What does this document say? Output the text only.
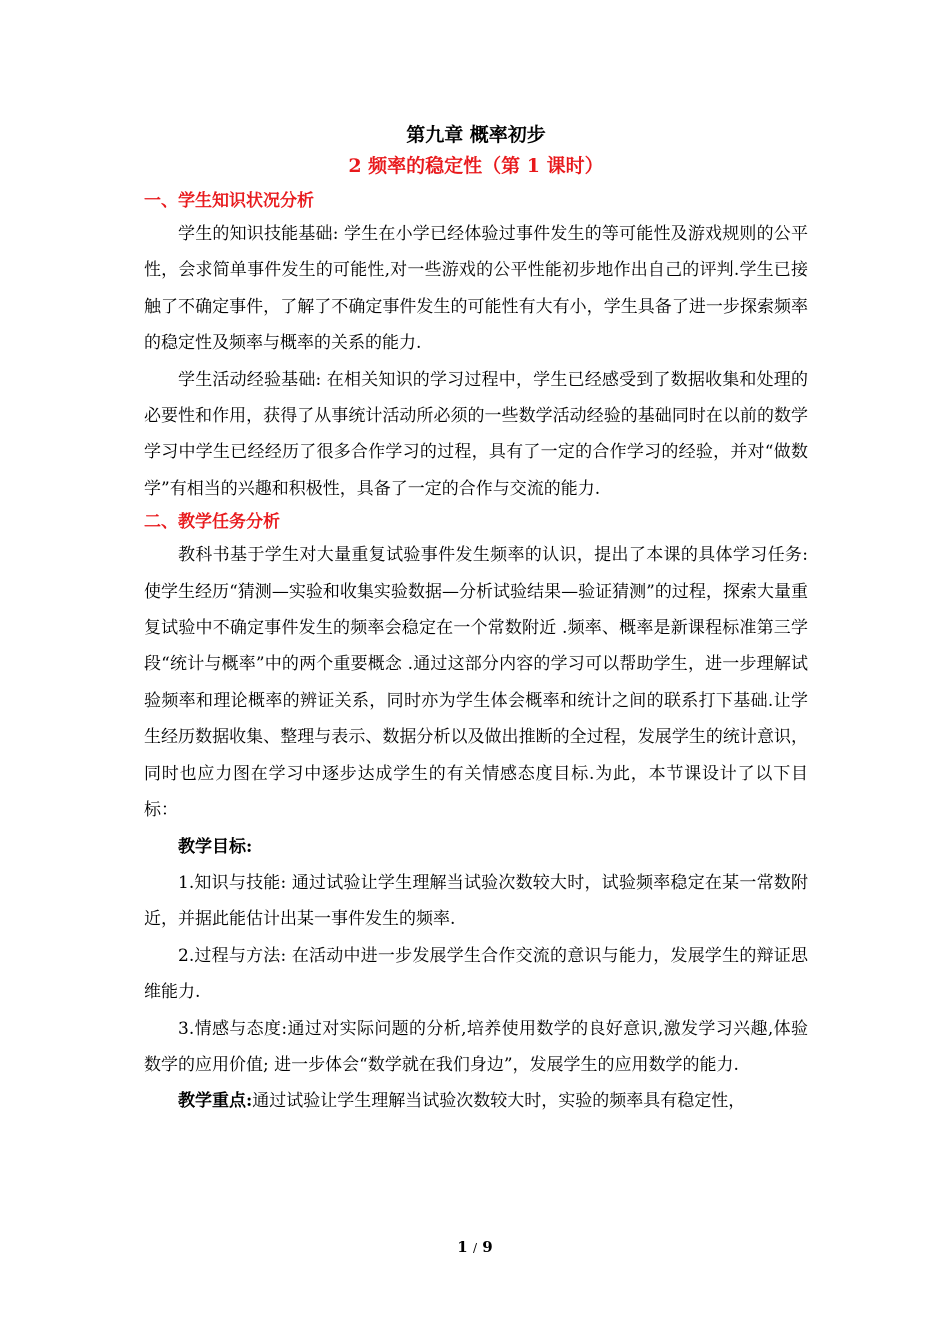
第九章 概率初步
2 频率的稳定性（第 1 课时）
一、学生知识状况分析

学生的知识技能基础: 学生在小学已经体验过事件发生的等可能性及游戏规则的公平性，会求简单事件发生的可能性,对一些游戏的公平性能初步地作出自己的评判.学生已接触了不确定事件，了解了不确定事件发生的可能性有大有小，学生具备了进一步探索频率的稳定性及频率与概率的关系的能力.

学生活动经验基础: 在相关知识的学习过程中，学生已经感受到了数据收集和处理的必要性和作用，获得了从事统计活动所必须的一些数学活动经验的基础同时在以前的数学学习中学生已经经历了很多合作学习的过程，具有了一定的合作学习的经验，并对“做数学”有相当的兴趣和积极性，具备了一定的合作与交流的能力.

二、教学任务分析

教科书基于学生对大量重复试验事件发生频率的认识，提出了本课的具体学习任务: 使学生经历“猜测—实验和收集实验数据—分析试验结果—验证猜测”的过程，探索大量重复试验中不确定事件发生的频率会稳定在一个常数附近 .频率、概率是新课程标准第三学段“统计与概率”中的两个重要概念 .通过这部分内容的学习可以帮助学生，进一步理解试验频率和理论概率的辨证关系，同时亦为学生体会概率和统计之间的联系打下基础.让学生经历数据收集、整理与表示、数据分析以及做出推断的全过程，发展学生的统计意识，同时也应力图在学习中逐步达成学生的有关情感态度目标.为此，本节课设计了以下目标：

教学目标:

1.知识与技能: 通过试验让学生理解当试验次数较大时，试验频率稳定在某一常数附近，并据此能估计出某一事件发生的频率.

2.过程与方法: 在活动中进一步发展学生合作交流的意识与能力，发展学生的辩证思维能力.

3.情感与态度:通过对实际问题的分析,培养使用数学的良好意识,激发学习兴趣,体验数学的应用价值; 进一步体会“数学就在我们身边”，发展学生的应用数学的能力.

教学重点:通过试验让学生理解当试验次数较大时，实验的频率具有稳定性，

1 / 9
